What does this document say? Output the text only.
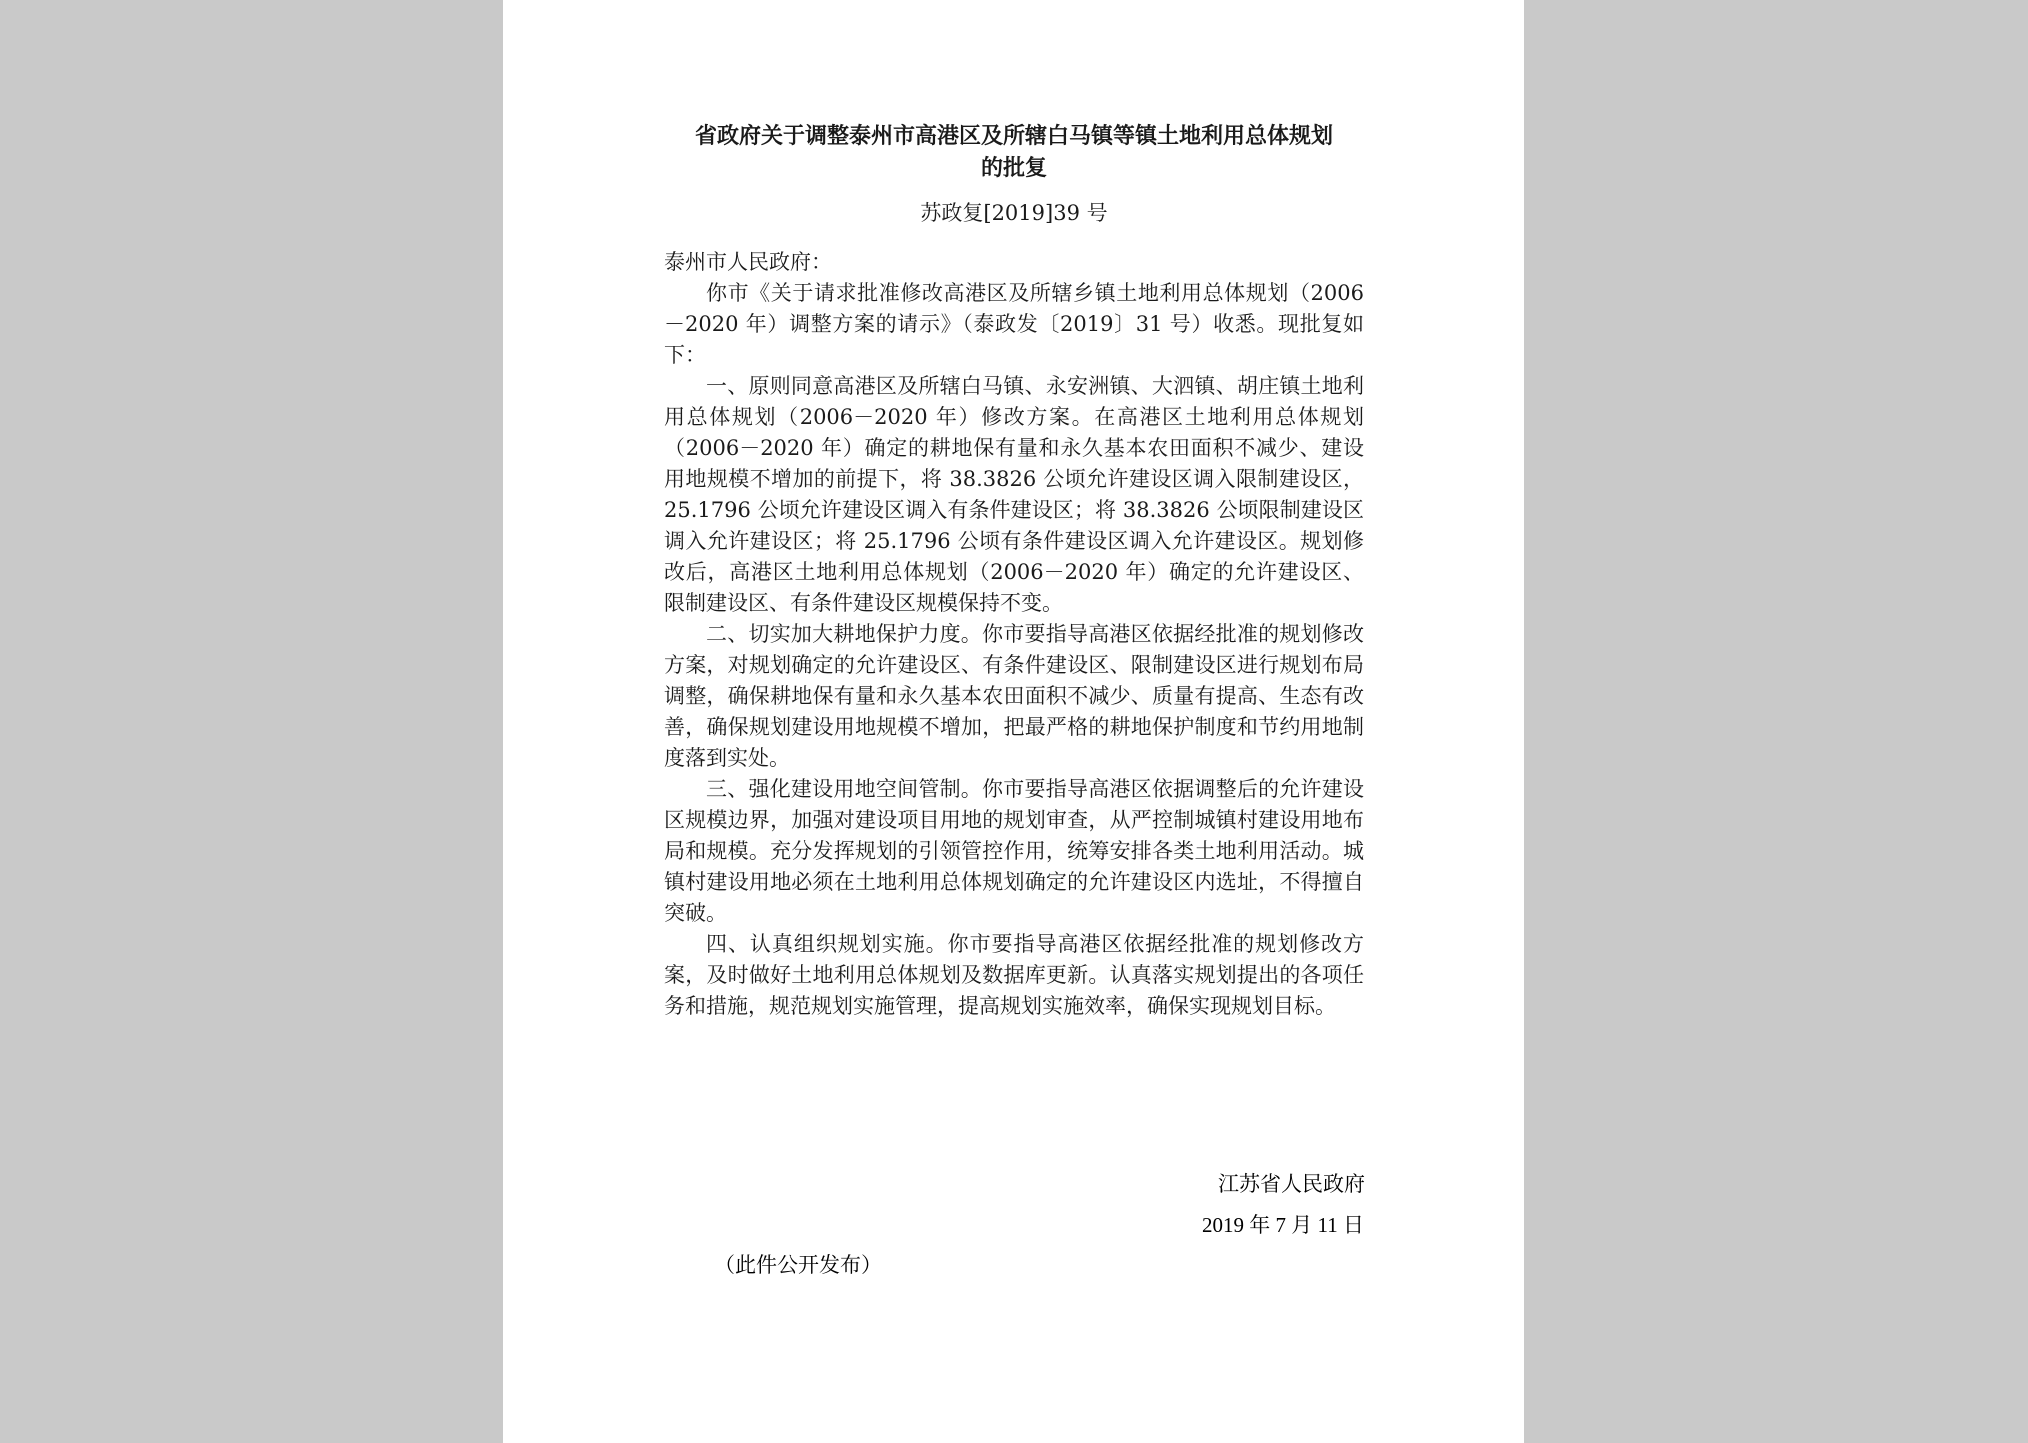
省政府关于调整泰州市高港区及所辖白马镇等镇土地利用总体规划
的批复

苏政复[2019]39 号
泰州市人民政府：

你市《关于请求批准修改高港区及所辖乡镇土地利用总体规划（2006－2020 年）调整方案的请示》（泰政发〔2019〕31 号）收悉。现批复如下：

一、原则同意高港区及所辖白马镇、永安洲镇、大泗镇、胡庄镇土地利用总体规划（2006－2020 年）修改方案。在高港区土地利用总体规划（2006－2020 年）确定的耕地保有量和永久基本农田面积不减少、建设用地规模不增加的前提下，将 38.3826 公顷允许建设区调入限制建设区，25.1796 公顷允许建设区调入有条件建设区；将 38.3826 公顷限制建设区调入允许建设区；将 25.1796 公顷有条件建设区调入允许建设区。规划修改后，高港区土地利用总体规划（2006－2020 年）确定的允许建设区、限制建设区、有条件建设区规模保持不变。

二、切实加大耕地保护力度。你市要指导高港区依据经批准的规划修改方案，对规划确定的允许建设区、有条件建设区、限制建设区进行规划布局调整，确保耕地保有量和永久基本农田面积不减少、质量有提高、生态有改善，确保规划建设用地规模不增加，把最严格的耕地保护制度和节约用地制度落到实处。

三、强化建设用地空间管制。你市要指导高港区依据调整后的允许建设区规模边界，加强对建设项目用地的规划审查，从严控制城镇村建设用地布局和规模。充分发挥规划的引领管控作用，统筹安排各类土地利用活动。城镇村建设用地必须在土地利用总体规划确定的允许建设区内选址，不得擅自突破。

四、认真组织规划实施。你市要指导高港区依据经批准的规划修改方案，及时做好土地利用总体规划及数据库更新。认真落实规划提出的各项任务和措施，规范规划实施管理，提高规划实施效率，确保实现规划目标。

江苏省人民政府
2019 年 7 月 11 日
（此件公开发布）
